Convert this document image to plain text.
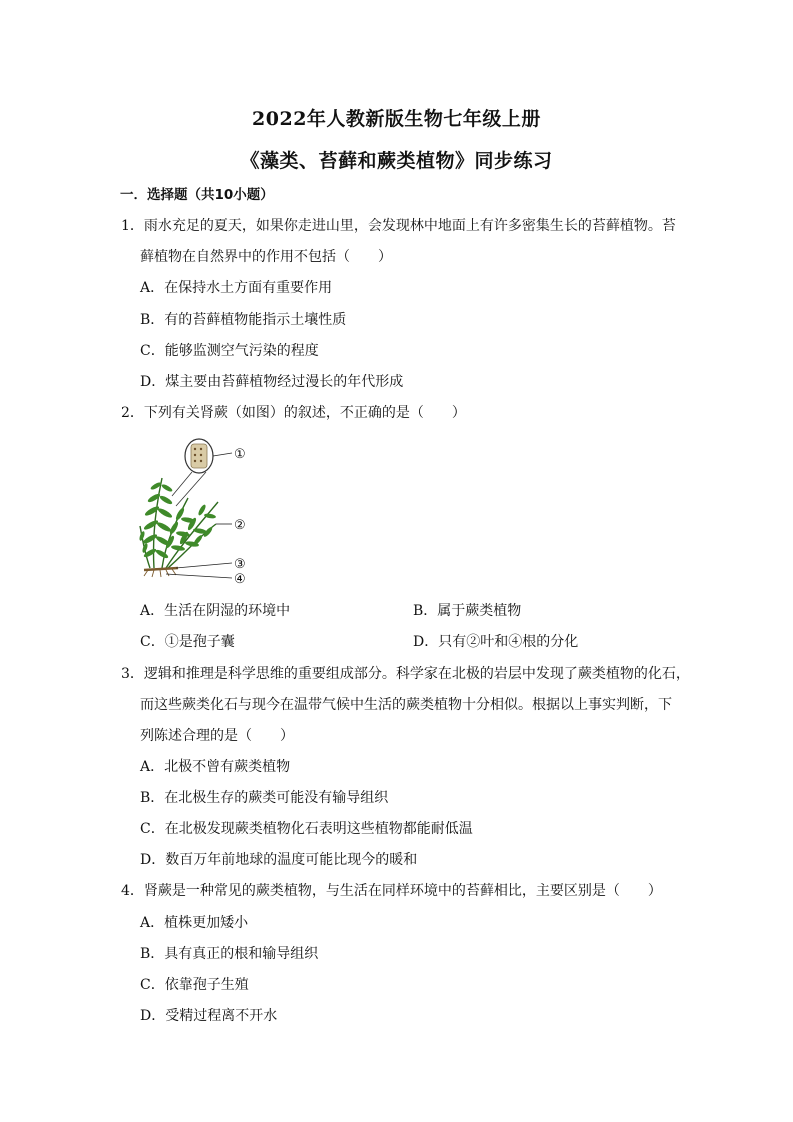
2022年人教新版生物七年级上册
《藻类、苔藓和蕨类植物》同步练习
一．选择题（共10小题）
1．雨水充足的夏天，如果你走进山里，会发现林中地面上有许多密集生长的苔藓植物。苔
藓植物在自然界中的作用不包括（　　）
A．在保持水土方面有重要作用
B．有的苔藓植物能指示土壤性质
C．能够监测空气污染的程度
D．煤主要由苔藓植物经过漫长的年代形成
2．下列有关肾蕨（如图）的叙述，不正确的是（　　）
①
②
③
④
A．生活在阴湿的环境中	B．属于蕨类植物
C．①是孢子囊	D．只有②叶和④根的分化
3．逻辑和推理是科学思维的重要组成部分。科学家在北极的岩层中发现了蕨类植物的化石，
而这些蕨类化石与现今在温带气候中生活的蕨类植物十分相似。根据以上事实判断，下
列陈述合理的是（　　）
A．北极不曾有蕨类植物
B．在北极生存的蕨类可能没有输导组织
C．在北极发现蕨类植物化石表明这些植物都能耐低温
D．数百万年前地球的温度可能比现今的暖和
4．肾蕨是一种常见的蕨类植物，与生活在同样环境中的苔藓相比，主要区别是（　　）
A．植株更加矮小
B．具有真正的根和输导组织
C．依靠孢子生殖
D．受精过程离不开水
